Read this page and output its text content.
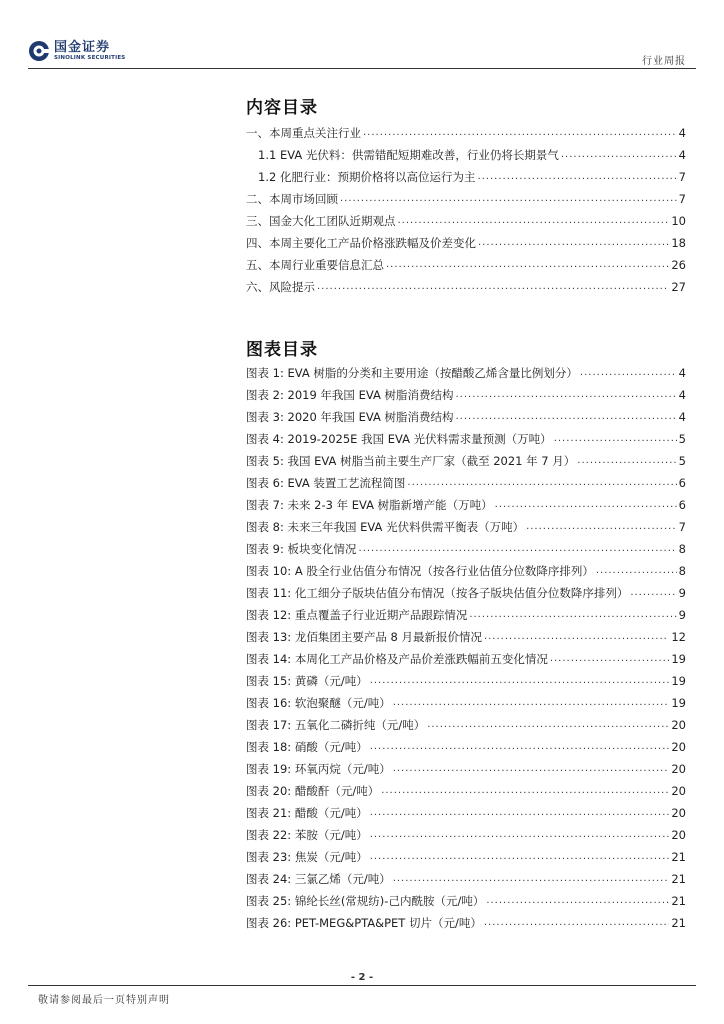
国金证券
SINOLINK SECURITIES	行业周报
内容目录
一、本周重点关注行业 .....	4
1.1 EVA 光伏料：供需错配短期难改善，行业仍将长期景气 .....	4
1.2 化肥行业：预期价格将以高位运行为主 .....	7
二、本周市场回顾 .....	7
三、国金大化工团队近期观点 .....	10
四、本周主要化工产品价格涨跌幅及价差变化 .....	18
五、本周行业重要信息汇总 .....	26
六、风险提示 .....	27
图表目录
图表 1: EVA 树脂的分类和主要用途（按醋酸乙烯含量比例划分） .....	4
图表 2: 2019 年我国 EVA 树脂消费结构 .....	4
图表 3: 2020 年我国 EVA 树脂消费结构 .....	4
图表 4: 2019-2025E 我国 EVA 光伏料需求量预测（万吨） .....	5
图表 5: 我国 EVA 树脂当前主要生产厂家（截至 2021 年 7 月） .....	5
图表 6: EVA 装置工艺流程简图 .....	6
图表 7: 未来 2-3 年 EVA 树脂新增产能（万吨） .....	6
图表 8: 未来三年我国 EVA 光伏料供需平衡表（万吨） .....	7
图表 9: 板块变化情况 .....	8
图表 10: A 股全行业估值分布情况（按各行业估值分位数降序排列） .....	8
图表 11: 化工细分子版块估值分布情况（按各子版块估值分位数降序排列） .....	9
图表 12: 重点覆盖子行业近期产品跟踪情况 .....	9
图表 13: 龙佰集团主要产品 8 月最新报价情况 .....	12
图表 14: 本周化工产品价格及产品价差涨跌幅前五变化情况 .....	19
图表 15: 黄磷（元/吨） .....	19
图表 16: 软泡聚醚（元/吨） .....	19
图表 17: 五氧化二磷折纯（元/吨） .....	20
图表 18: 硝酸（元/吨） .....	20
图表 19: 环氧丙烷（元/吨） .....	20
图表 20: 醋酸酐（元/吨） .....	20
图表 21: 醋酸（元/吨） .....	20
图表 22: 苯胺（元/吨） .....	20
图表 23: 焦炭（元/吨） .....	21
图表 24: 三氯乙烯（元/吨） .....	21
图表 25: 锦纶长丝(常规纺)-己内酰胺（元/吨） .....	21
图表 26: PET-MEG&PTA&PET 切片（元/吨） .....	21
- 2 -
敬请参阅最后一页特别声明
